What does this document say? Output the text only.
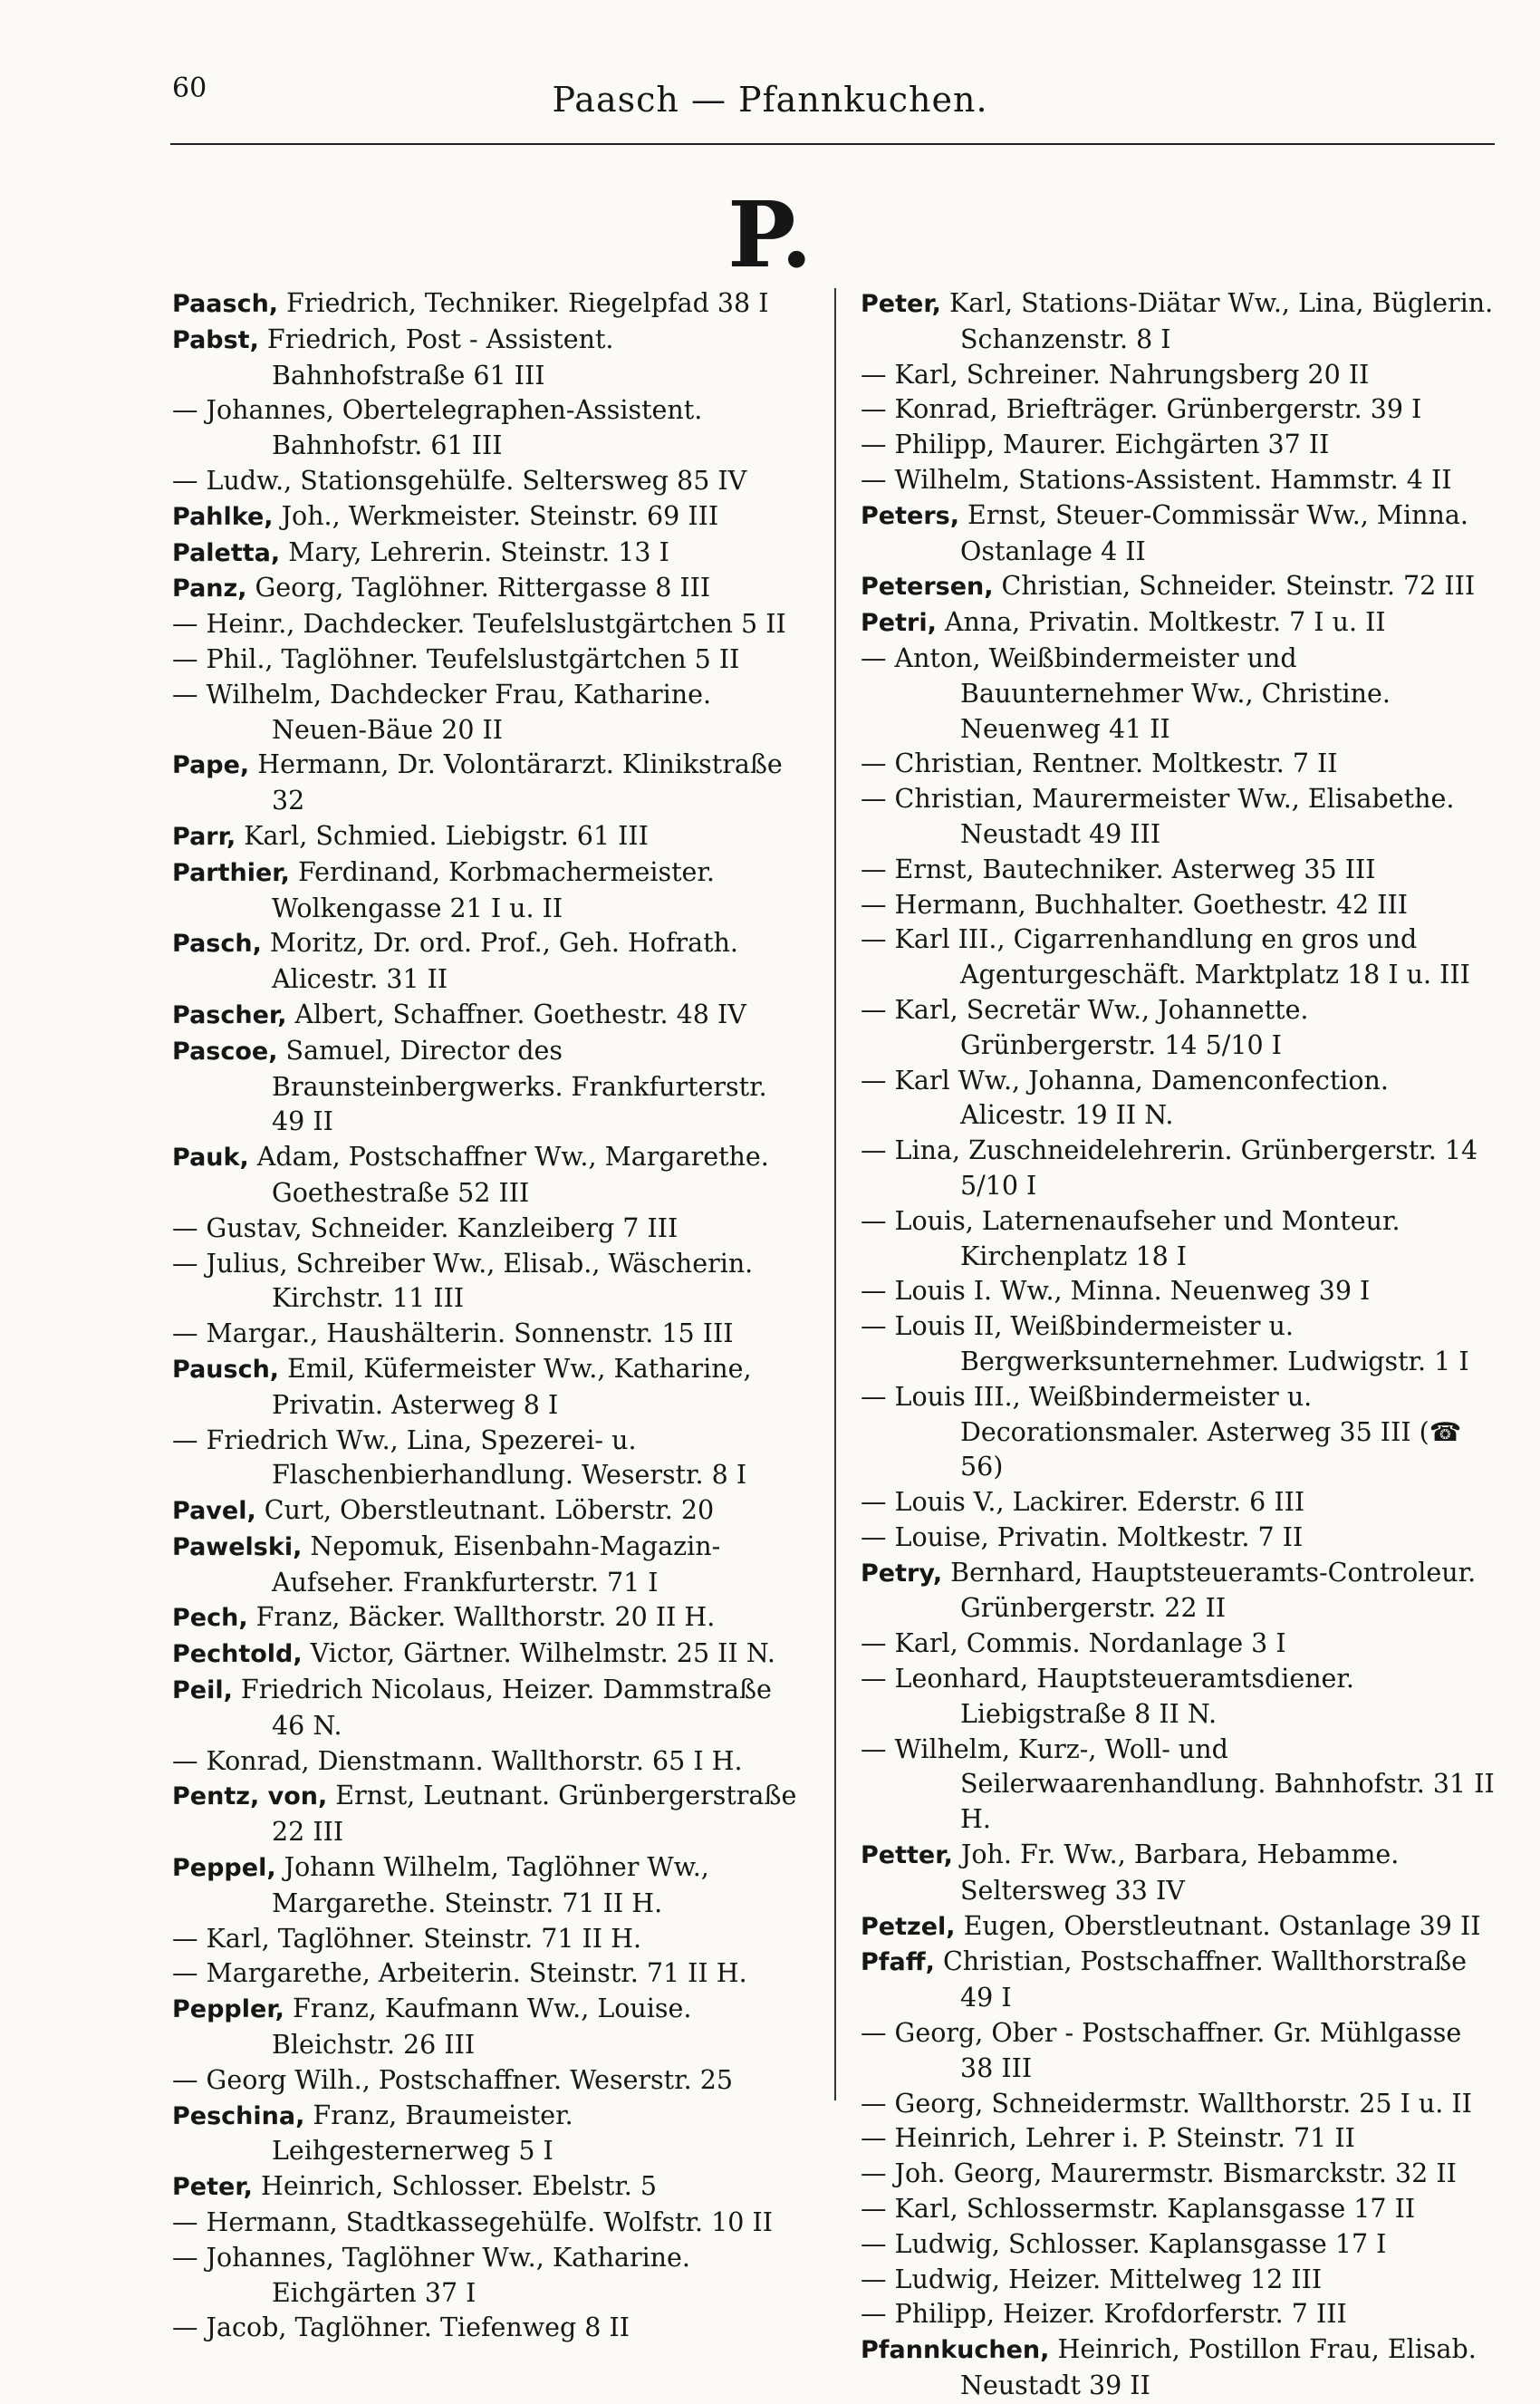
60	Paasch — Pfannkuchen.
P.
Paasch, Friedrich, Techniker. Riegelpfad 38 I
Pabst, Friedrich, Post - Assistent. Bahnhofstraße 61 III
— Johannes, Obertelegraphen-Assistent. Bahnhofstr. 61 III
— Ludw., Stationsgehülfe. Seltersweg 85 IV
Pahlke, Joh., Werkmeister. Steinstr. 69 III
Paletta, Mary, Lehrerin. Steinstr. 13 I
Panz, Georg, Taglöhner. Rittergasse 8 III
— Heinr., Dachdecker. Teufelslustgärtchen 5 II
— Phil., Taglöhner. Teufelslustgärtchen 5 II
— Wilhelm, Dachdecker Frau, Katharine. Neuen-Bäue 20 II
Pape, Hermann, Dr. Volontärarzt. Klinikstraße 32
Parr, Karl, Schmied. Liebigstr. 61 III
Parthier, Ferdinand, Korbmachermeister. Wolkengasse 21 I u. II
Pasch, Moritz, Dr. ord. Prof., Geh. Hofrath. Alicestr. 31 II
Pascher, Albert, Schaffner. Goethestr. 48 IV
Pascoe, Samuel, Director des Braunsteinbergwerks. Frankfurterstr. 49 II
Pauk, Adam, Postschaffner Ww., Margarethe. Goethestraße 52 III
— Gustav, Schneider. Kanzleiberg 7 III
— Julius, Schreiber Ww., Elisab., Wäscherin. Kirchstr. 11 III
— Margar., Haushälterin. Sonnenstr. 15 III
Pausch, Emil, Küfermeister Ww., Katharine, Privatin. Asterweg 8 I
— Friedrich Ww., Lina, Spezerei- u. Flaschenbierhandlung. Weserstr. 8 I
Pavel, Curt, Oberstleutnant. Löberstr. 20
Pawelski, Nepomuk, Eisenbahn-Magazin-Aufseher. Frankfurterstr. 71 I
Pech, Franz, Bäcker. Wallthorstr. 20 II H.
Pechtold, Victor, Gärtner. Wilhelmstr. 25 II N.
Peil, Friedrich Nicolaus, Heizer. Dammstraße 46 N.
— Konrad, Dienstmann. Wallthorstr. 65 I H.
Pentz, von, Ernst, Leutnant. Grünbergerstraße 22 III
Peppel, Johann Wilhelm, Taglöhner Ww., Margarethe. Steinstr. 71 II H.
— Karl, Taglöhner. Steinstr. 71 II H.
— Margarethe, Arbeiterin. Steinstr. 71 II H.
Peppler, Franz, Kaufmann Ww., Louise. Bleichstr. 26 III
— Georg Wilh., Postschaffner. Weserstr. 25
Peschina, Franz, Braumeister. Leihgesternerweg 5 I
Peter, Heinrich, Schlosser. Ebelstr. 5
— Hermann, Stadtkassegehülfe. Wolfstr. 10 II
— Johannes, Taglöhner Ww., Katharine. Eichgärten 37 I
— Jacob, Taglöhner. Tiefenweg 8 II
Peter, Karl, Stations-Diätar Ww., Lina, Büglerin. Schanzenstr. 8 I
— Karl, Schreiner. Nahrungsberg 20 II
— Konrad, Briefträger. Grünbergerstr. 39 I
— Philipp, Maurer. Eichgärten 37 II
— Wilhelm, Stations-Assistent. Hammstr. 4 II
Peters, Ernst, Steuer-Commissär Ww., Minna. Ostanlage 4 II
Petersen, Christian, Schneider. Steinstr. 72 III
Petri, Anna, Privatin. Moltkestr. 7 I u. II
— Anton, Weißbindermeister und Bauunternehmer Ww., Christine. Neuenweg 41 II
— Christian, Rentner. Moltkestr. 7 II
— Christian, Maurermeister Ww., Elisabethe. Neustadt 49 III
— Ernst, Bautechniker. Asterweg 35 III
— Hermann, Buchhalter. Goethestr. 42 III
— Karl III., Cigarrenhandlung en gros und Agenturgeschäft. Marktplatz 18 I u. III
— Karl, Secretär Ww., Johannette. Grünbergerstr. 14 5/10 I
— Karl Ww., Johanna, Damenconfection. Alicestr. 19 II N.
— Lina, Zuschneidelehrerin. Grünbergerstr. 14 5/10 I
— Louis, Laternenaufseher und Monteur. Kirchenplatz 18 I
— Louis I. Ww., Minna. Neuenweg 39 I
— Louis II, Weißbindermeister u. Bergwerksunternehmer. Ludwigstr. 1 I
— Louis III., Weißbindermeister u. Decorationsmaler. Asterweg 35 III (☎ 56)
— Louis V., Lackirer. Ederstr. 6 III
— Louise, Privatin. Moltkestr. 7 II
Petry, Bernhard, Hauptsteueramts-Controleur. Grünbergerstr. 22 II
— Karl, Commis. Nordanlage 3 I
— Leonhard, Hauptsteueramtsdiener. Liebigstraße 8 II N.
— Wilhelm, Kurz-, Woll- und Seilerwaarenhandlung. Bahnhofstr. 31 II H.
Petter, Joh. Fr. Ww., Barbara, Hebamme. Seltersweg 33 IV
Petzel, Eugen, Oberstleutnant. Ostanlage 39 II
Pfaff, Christian, Postschaffner. Wallthorstraße 49 I
— Georg, Ober - Postschaffner. Gr. Mühlgasse 38 III
— Georg, Schneidermstr. Wallthorstr. 25 I u. II
— Heinrich, Lehrer i. P. Steinstr. 71 II
— Joh. Georg, Maurermstr. Bismarckstr. 32 II
— Karl, Schlossermstr. Kaplansgasse 17 II
— Ludwig, Schlosser. Kaplansgasse 17 I
— Ludwig, Heizer. Mittelweg 12 III
— Philipp, Heizer. Krofdorferstr. 7 III
Pfannkuchen, Heinrich, Postillon Frau, Elisab. Neustadt 39 II
